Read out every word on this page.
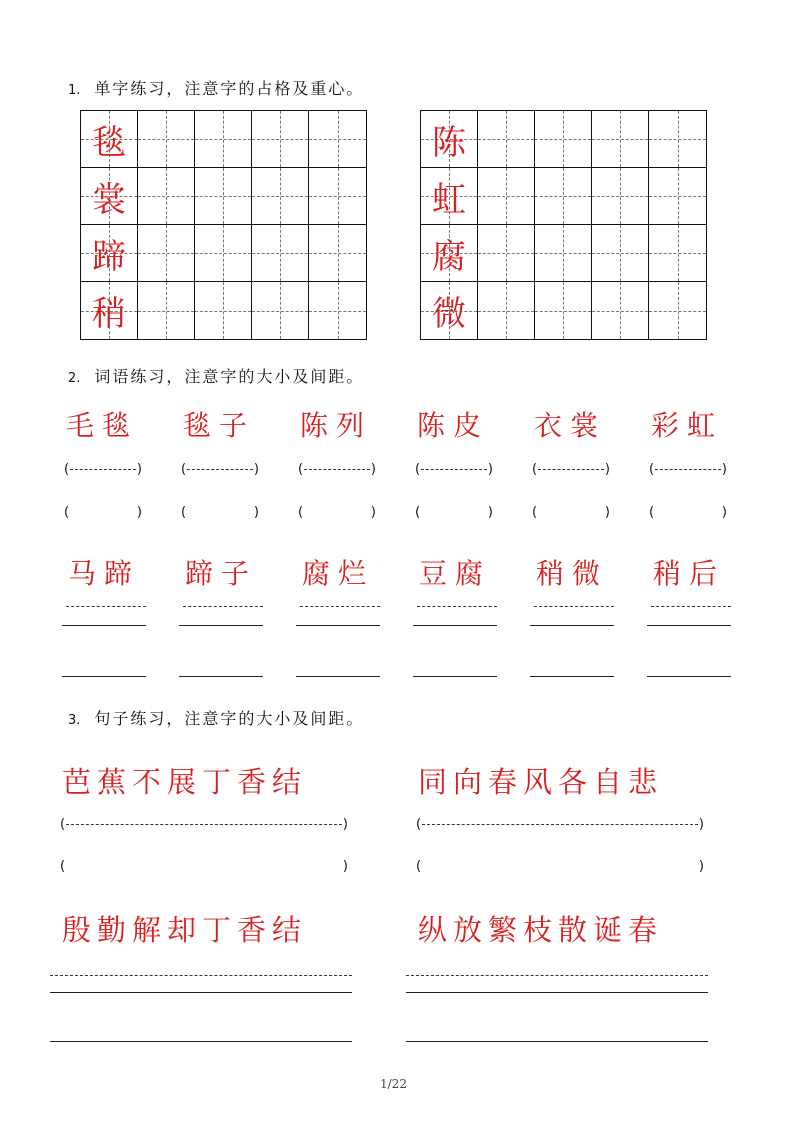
1. 单字练习，注意字的占格及重心。
毯
裳
蹄
稍
陈
虹
腐
微
2. 词语练习，注意字的大小及间距。
毛毯
(	)
(	)
马蹄
毯子
(	)
(	)
蹄子
陈列
(	)
(	)
腐烂
陈皮
(	)
(	)
豆腐
衣裳
(	)
(	)
稍微
彩虹
(	)
(	)
稍后
3. 句子练习，注意字的大小及间距。
芭蕉不展丁香结
(	)
(	)
殷勤解却丁香结
同向春风各自悲
(	)
(	)
纵放繁枝散诞春
1/22
